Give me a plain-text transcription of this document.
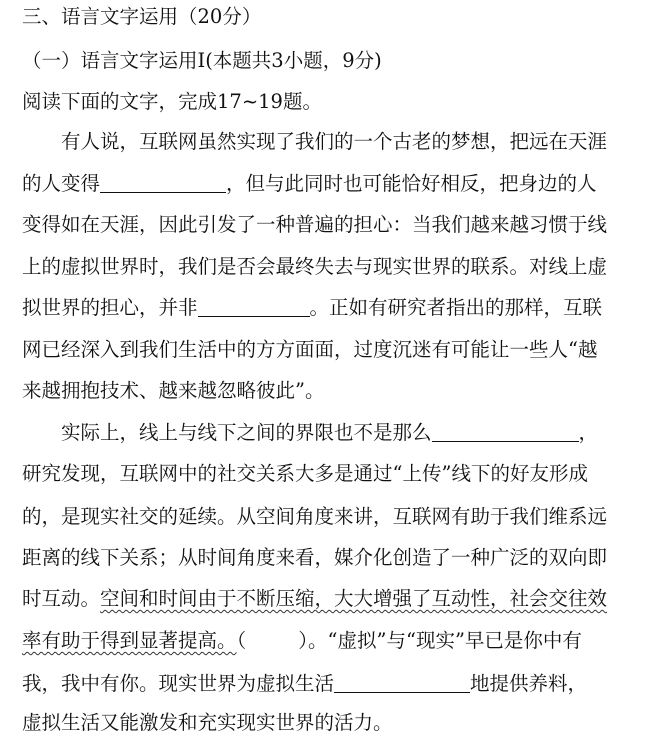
三、语言文字运用（20分）
（一）语言文字运用Ⅰ(本题共3小题，9分)
阅读下面的文字，完成17~19题。
有人说，互联网虽然实现了我们的一个古老的梦想，把远在天涯
的人变得	，但与此同时也可能恰好相反，把身边的人
变得如在天涯，因此引发了一种普遍的担心：当我们越来越习惯于线
上的虚拟世界时，我们是否会最终失去与现实世界的联系。对线上虚
拟世界的担心，并非	。正如有研究者指出的那样，互联
网已经深入到我们生活中的方方面面，过度沉迷有可能让一些人“越
来越拥抱技术、越来越忽略彼此”。
实际上，线上与线下之间的界限也不是那么	，
研究发现，互联网中的社交关系大多是通过“上传”线下的好友形成
的，是现实社交的延续。从空间角度来讲，互联网有助于我们维系远
距离的线下关系；从时间角度来看，媒介化创造了一种广泛的双向即
时互动。空间和时间由于不断压缩，大大增强了互动性，社会交往效
率有助于得到显著提高。（	）。“虚拟”与“现实”早已是你中有
我，我中有你。现实世界为虚拟生活	地提供养料，
虚拟生活又能激发和充实现实世界的活力。
